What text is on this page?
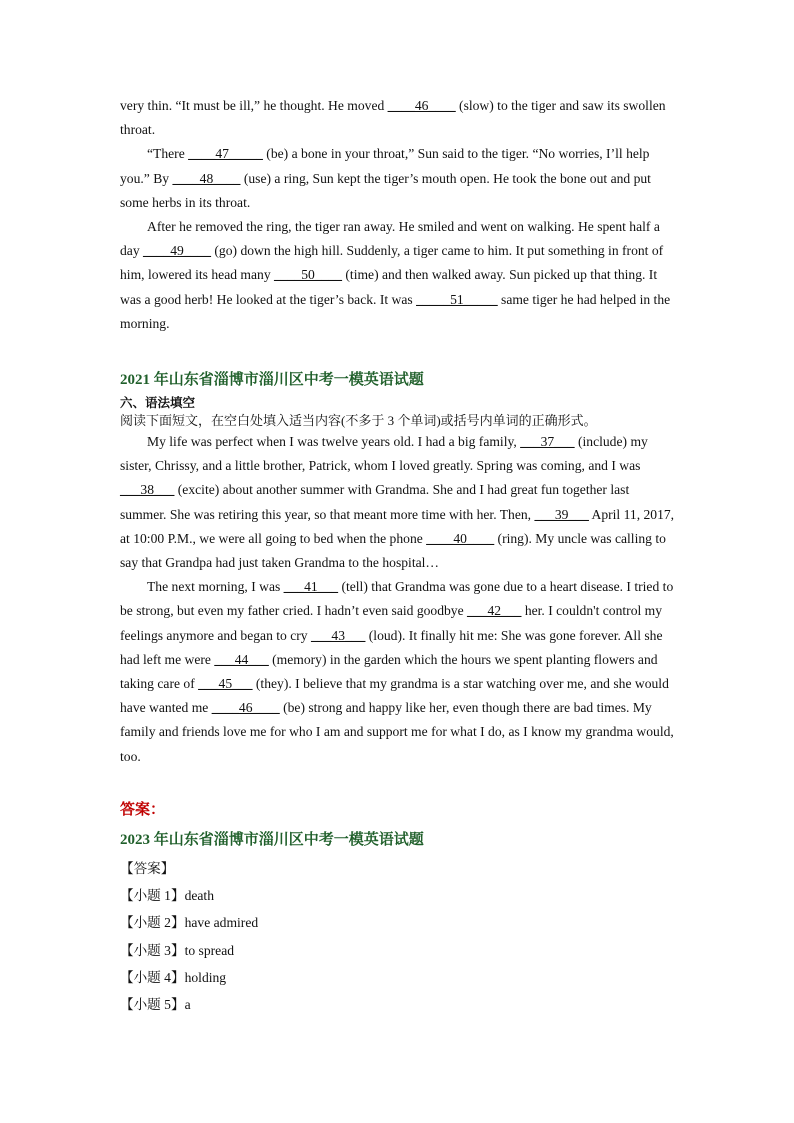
very thin. “It must be ill,” he thought. He moved ____46____ (slow) to the tiger and saw its swollen throat.

“There ____47_____ (be) a bone in your throat,” Sun said to the tiger. “No worries, I’ll help you.” By ____48____ (use) a ring, Sun kept the tiger’s mouth open. He took the bone out and put some herbs in its throat.

After he removed the ring, the tiger ran away. He smiled and went on walking. He spent half a day ____49____ (go) down the high hill. Suddenly, a tiger came to him. It put something in front of him, lowered its head many ____50____ (time) and then walked away. Sun picked up that thing. It was a good herb! He looked at the tiger’s back. It was _____51_____ same tiger he had helped in the morning.

2021 年山东省淄博市淄川区中考一模英语试题

六、语法填空

阅读下面短文，在空白处填入适当内容(不多于 3 个单词)或括号内单词的正确形式。

My life was perfect when I was twelve years old. I had a big family, ___37___ (include) my sister, Chrissy, and a little brother, Patrick, whom I loved greatly. Spring was coming, and I was ___38___ (excite) about another summer with Grandma. She and I had great fun together last summer. She was retiring this year, so that meant more time with her. Then, ___39___ April 11, 2017, at 10:00 P.M., we were all going to bed when the phone ____40____ (ring). My uncle was calling to say that Grandpa had just taken Grandma to the hospital…

The next morning, I was ___41___ (tell) that Grandma was gone due to a heart disease. I tried to be strong, but even my father cried. I hadn’t even said goodbye ___42___ her. I couldn't control my feelings anymore and began to cry ___43___ (loud). It finally hit me: She was gone forever. All she had left me were ___44___ (memory) in the garden which the hours we spent planting flowers and taking care of ___45___ (they). I believe that my grandma is a star watching over me, and she would have wanted me ____46____ (be) strong and happy like her, even though there are bad times. My family and friends love me for who I am and support me for what I do, as I know my grandma would, too.

答案：

2023 年山东省淄博市淄川区中考一模英语试题

【答案】

【小题 1】death

【小题 2】have admired

【小题 3】to spread

【小题 4】holding

【小题 5】a
